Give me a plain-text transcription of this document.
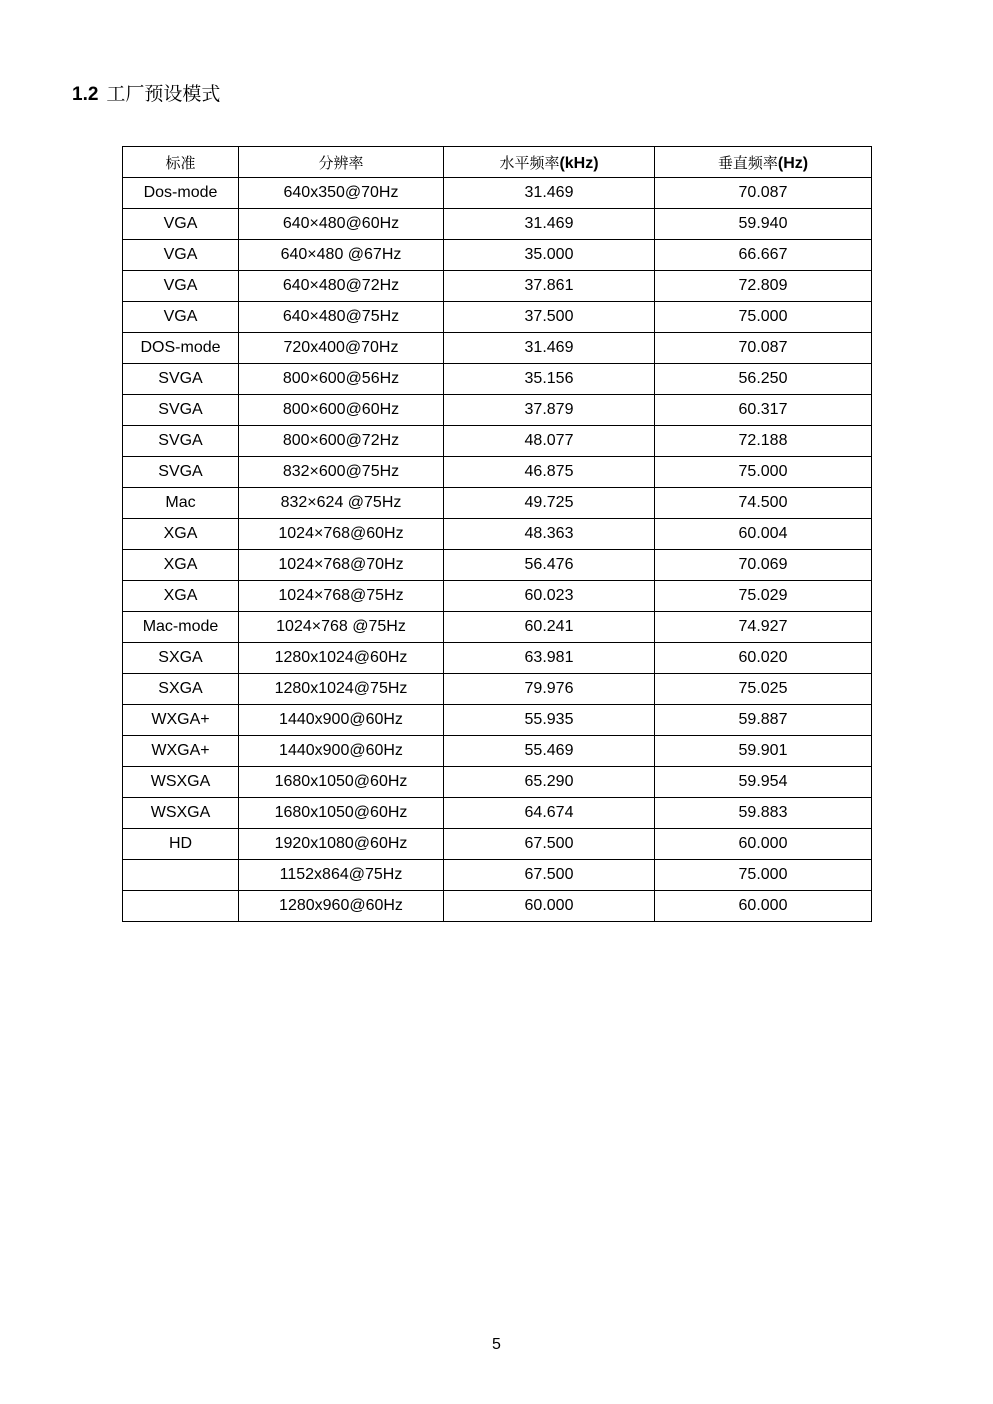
1.2 工厂预设模式
标准	分辨率	水平频率(kHz)	垂直频率(Hz)
Dos-mode	640x350@70Hz	31.469	70.087
VGA	640×480@60Hz	31.469	59.940
VGA	640×480 @67Hz	35.000	66.667
VGA	640×480@72Hz	37.861	72.809
VGA	640×480@75Hz	37.500	75.000
DOS-mode	720x400@70Hz	31.469	70.087
SVGA	800×600@56Hz	35.156	56.250
SVGA	800×600@60Hz	37.879	60.317
SVGA	800×600@72Hz	48.077	72.188
SVGA	832×600@75Hz	46.875	75.000
Mac	832×624 @75Hz	49.725	74.500
XGA	1024×768@60Hz	48.363	60.004
XGA	1024×768@70Hz	56.476	70.069
XGA	1024×768@75Hz	60.023	75.029
Mac-mode	1024×768 @75Hz	60.241	74.927
SXGA	1280x1024@60Hz	63.981	60.020
SXGA	1280x1024@75Hz	79.976	75.025
WXGA+	1440x900@60Hz	55.935	59.887
WXGA+	1440x900@60Hz	55.469	59.901
WSXGA	1680x1050@60Hz	65.290	59.954
WSXGA	1680x1050@60Hz	64.674	59.883
HD	1920x1080@60Hz	67.500	60.000
	1152x864@75Hz	67.500	75.000
	1280x960@60Hz	60.000	60.000
5
